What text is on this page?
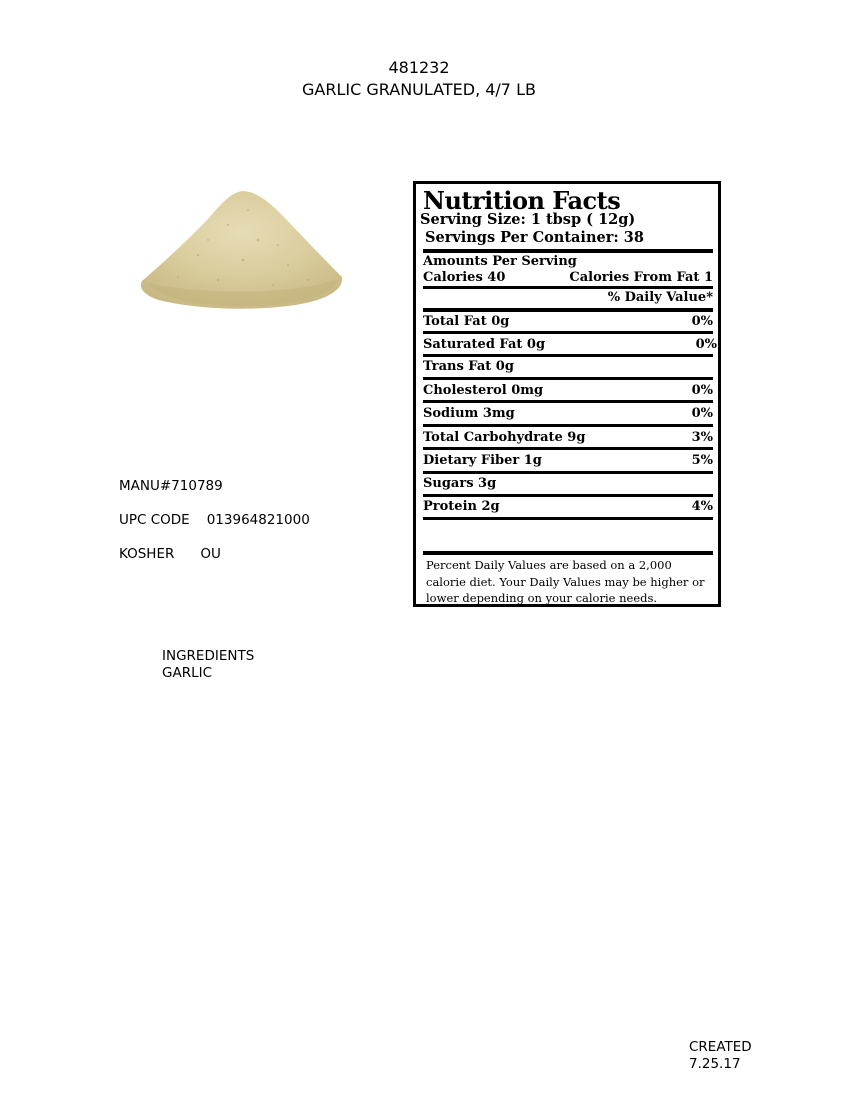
481232
GARLIC GRANULATED, 4/7 LB
MANU#710789
UPC CODE 013964821000
KOSHER OU
INGREDIENTS
GARLIC
Nutrition Facts
Serving Size: 1 tbsp ( 12g)
Servings Per Container: 38
Amounts Per Serving
Calories 40	Calories From Fat 1
% Daily Value*
Total Fat 0g	0%
Saturated Fat 0g	0%
Trans Fat 0g
Cholesterol 0mg	0%
Sodium 3mg	0%
Total Carbohydrate 9g	3%
Dietary Fiber 1g	5%
Sugars 3g
Protein 2g	4%
Percent Daily Values are based on a 2,000 calorie diet. Your Daily Values may be higher or lower depending on your calorie needs.
CREATED
7.25.17
